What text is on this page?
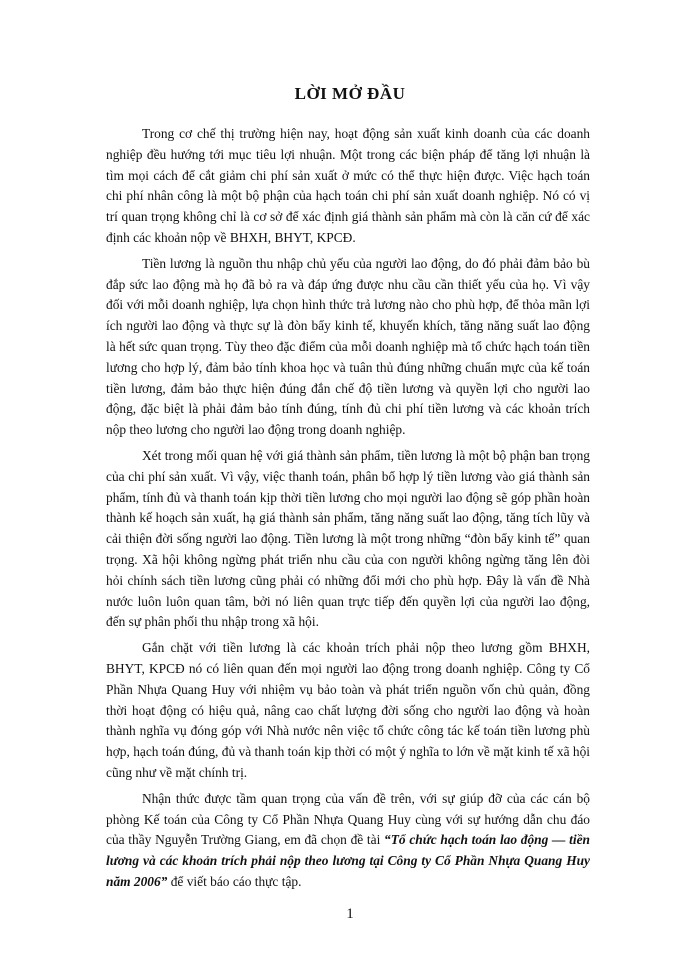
LỜI MỞ ĐẦU

Trong cơ chế thị trường hiện nay, hoạt động sản xuất kinh doanh của các doanh nghiệp đều hướng tới mục tiêu lợi nhuận. Một trong các biện pháp để tăng lợi nhuận là tìm mọi cách để cắt giảm chi phí sản xuất ở mức có thể thực hiện được. Việc hạch toán chi phí nhân công là một bộ phận của hạch toán chi phí sản xuất doanh nghiệp. Nó có vị trí quan trọng không chỉ là cơ sở để xác định giá thành sản phẩm mà còn là căn cứ để xác định các khoản nộp về BHXH, BHYT, KPCĐ.

Tiền lương là nguồn thu nhập chủ yếu của người lao động, do đó phải đảm bảo bù đắp sức lao động mà họ đã bỏ ra và đáp ứng được nhu cầu cần thiết yếu của họ. Vì vậy đối với mỗi doanh nghiệp, lựa chọn hình thức trả lương nào cho phù hợp, để thỏa mãn lợi ích người lao động và thực sự là đòn bẩy kinh tế, khuyến khích, tăng năng suất lao động là hết sức quan trọng. Tùy theo đặc điểm của mỗi doanh nghiệp mà tổ chức hạch toán tiền lương cho hợp lý, đảm bảo tính khoa học và tuân thủ đúng những chuẩn mực của kế toán tiền lương, đảm bảo thực hiện đúng đắn chế độ tiền lương và quyền lợi cho người lao động, đặc biệt là phải đảm bảo tính đúng, tính đủ chi phí tiền lương và các khoản trích nộp theo lương cho người lao động trong doanh nghiệp.

Xét trong mối quan hệ với giá thành sản phẩm, tiền lương là một bộ phận ban trọng của chi phí sản xuất. Vì vậy, việc thanh toán, phân bổ hợp lý tiền lương vào giá thành sản phẩm, tính đủ và thanh toán kịp thời tiền lương cho mọi người lao động sẽ góp phần hoàn thành kế hoạch sản xuất, hạ giá thành sản phẩm, tăng năng suất lao động, tăng tích lũy và cải thiện đời sống người lao động. Tiền lương là một trong những “đòn bẩy kinh tế” quan trọng. Xã hội không ngừng phát triển nhu cầu của con người không ngừng tăng lên đòi hỏi chính sách tiền lương cũng phải có những đổi mới cho phù hợp. Đây là vấn đề Nhà nước luôn luôn quan tâm, bởi nó liên quan trực tiếp đến quyền lợi của người lao động, đến sự phân phối thu nhập trong xã hội.

Gắn chặt với tiền lương là các khoản trích phải nộp theo lương gồm BHXH, BHYT, KPCĐ nó có liên quan đến mọi người lao động trong doanh nghiệp. Công ty Cổ Phần Nhựa Quang Huy với nhiệm vụ bảo toàn và phát triển nguồn vốn chủ quản, đồng thời hoạt động có hiệu quả, nâng cao chất lượng đời sống cho người lao động và hoàn thành nghĩa vụ đóng góp với Nhà nước nên việc tổ chức công tác kế toán tiền lương phù hợp, hạch toán đúng, đủ và thanh toán kịp thời có một ý nghĩa to lớn về mặt kinh tế xã hội cũng như về mặt chính trị.

Nhận thức được tầm quan trọng của vấn đề trên, với sự giúp đỡ của các cán bộ phòng Kế toán của Công ty Cổ Phần Nhựa Quang Huy cùng với sự hướng dẫn chu đáo của thầy Nguyễn Trường Giang, em đã chọn đề tài “Tổ chức hạch toán lao động — tiền lương và các khoản trích phải nộp theo lương tại Công ty Cổ Phần Nhựa Quang Huy năm 2006” để viết báo cáo thực tập.

1
